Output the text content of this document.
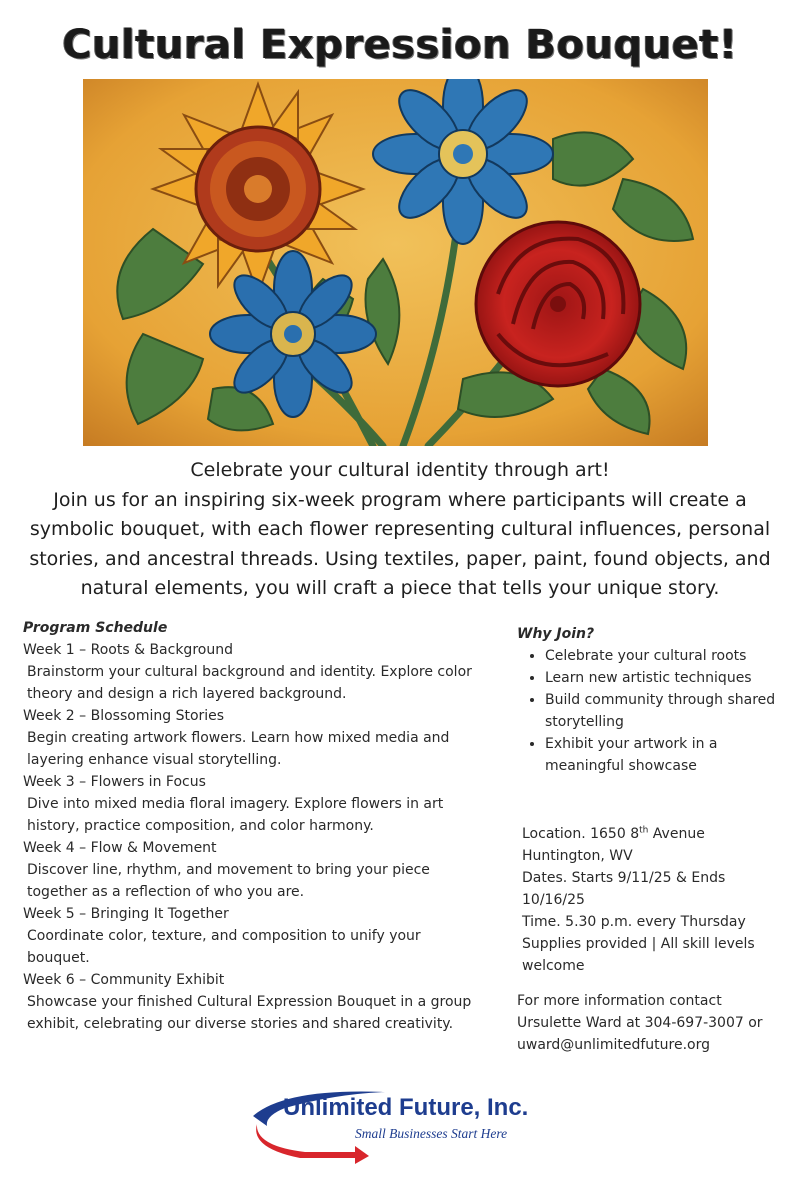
Cultural Expression Bouquet!

Celebrate your cultural identity through art!

Join us for an inspiring six-week program where participants will create a symbolic bouquet, with each flower representing cultural influences, personal stories, and ancestral threads. Using textiles, paper, paint, found objects, and natural elements, you will craft a piece that tells your unique story.

Program Schedule
Week 1 – Roots & Background
Brainstorm your cultural background and identity. Explore color theory and design a rich layered background.
Week 2 – Blossoming Stories
Begin creating artwork flowers. Learn how mixed media and layering enhance visual storytelling.
Week 3 – Flowers in Focus
Dive into mixed media floral imagery. Explore flowers in art history, practice composition, and color harmony.
Week 4 – Flow & Movement
Discover line, rhythm, and movement to bring your piece together as a reflection of who you are.
Week 5 – Bringing It Together
Coordinate color, texture, and composition to unify your bouquet.
Week 6 – Community Exhibit
Showcase your finished Cultural Expression Bouquet in a group exhibit, celebrating our diverse stories and shared creativity.
Why Join?
• Celebrate your cultural roots
• Learn new artistic techniques
• Build community through shared storytelling
• Exhibit your artwork in a meaningful showcase
Location. 1650 8th Avenue
Huntington, WV
Dates. Starts 9/11/25 & Ends 10/16/25
Time. 5.30 p.m. every Thursday
Supplies provided | All skill levels welcome
For more information contact
Ursulette Ward at 304-697-3007 or
uward@unlimitedfuture.org
Unlimited Future, Inc.
Small Businesses Start Here
